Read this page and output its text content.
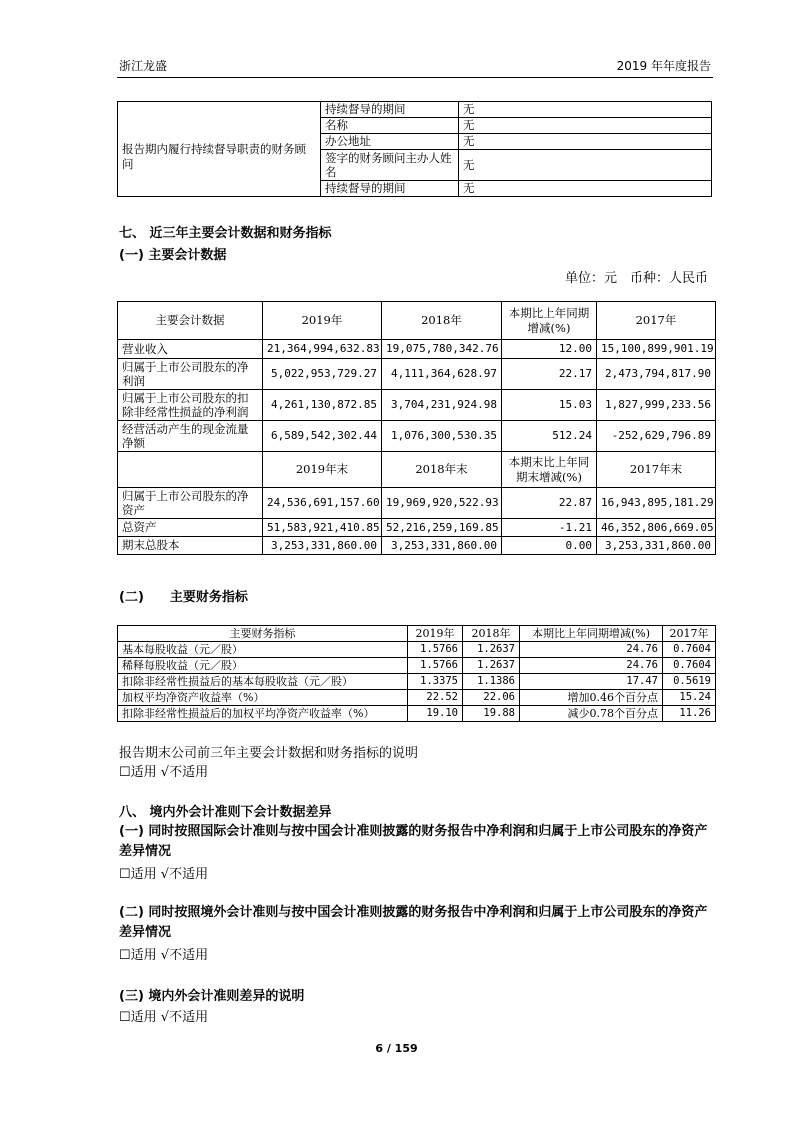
浙江龙盛	2019 年年度报告
	持续督导的期间	无
报告期内履行持续督导职责的财务顾问	名称	无
	办公地址	无
	签字的财务顾问主办人姓名	无
	持续督导的期间	无
七、 近三年主要会计数据和财务指标
(一) 主要会计数据
单位：元　币种：人民币
主要会计数据	2019年	2018年	本期比上年同期增减(%)	2017年
营业收入	21,364,994,632.83	19,075,780,342.76	12.00	15,100,899,901.19
归属于上市公司股东的净利润	5,022,953,729.27	4,111,364,628.97	22.17	2,473,794,817.90
归属于上市公司股东的扣除非经常性损益的净利润	4,261,130,872.85	3,704,231,924.98	15.03	1,827,999,233.56
经营活动产生的现金流量净额	6,589,542,302.44	1,076,300,530.35	512.24	-252,629,796.89
	2019年末	2018年末	本期末比上年同期末增减(%)	2017年末
归属于上市公司股东的净资产	24,536,691,157.60	19,969,920,522.93	22.87	16,943,895,181.29
总资产	51,583,921,410.85	52,216,259,169.85	-1.21	46,352,806,669.05
期末总股本	3,253,331,860.00	3,253,331,860.00	0.00	3,253,331,860.00
(二)　　主要财务指标
主要财务指标	2019年	2018年	本期比上年同期增减(%)	2017年
基本每股收益（元／股）	1.5766	1.2637	24.76	0.7604
稀释每股收益（元／股）	1.5766	1.2637	24.76	0.7604
扣除非经常性损益后的基本每股收益（元／股）	1.3375	1.1386	17.47	0.5619
加权平均净资产收益率（%）	22.52	22.06	增加0.46个百分点	15.24
扣除非经常性损益后的加权平均净资产收益率（%）	19.10	19.88	减少0.78个百分点	11.26
报告期末公司前三年主要会计数据和财务指标的说明
☐适用 √不适用
八、 境内外会计准则下会计数据差异
(一) 同时按照国际会计准则与按中国会计准则披露的财务报告中净利润和归属于上市公司股东的净资产差异情况
☐适用 √不适用
(二) 同时按照境外会计准则与按中国会计准则披露的财务报告中净利润和归属于上市公司股东的净资产差异情况
☐适用 √不适用
(三) 境内外会计准则差异的说明
☐适用 √不适用
6 / 159
